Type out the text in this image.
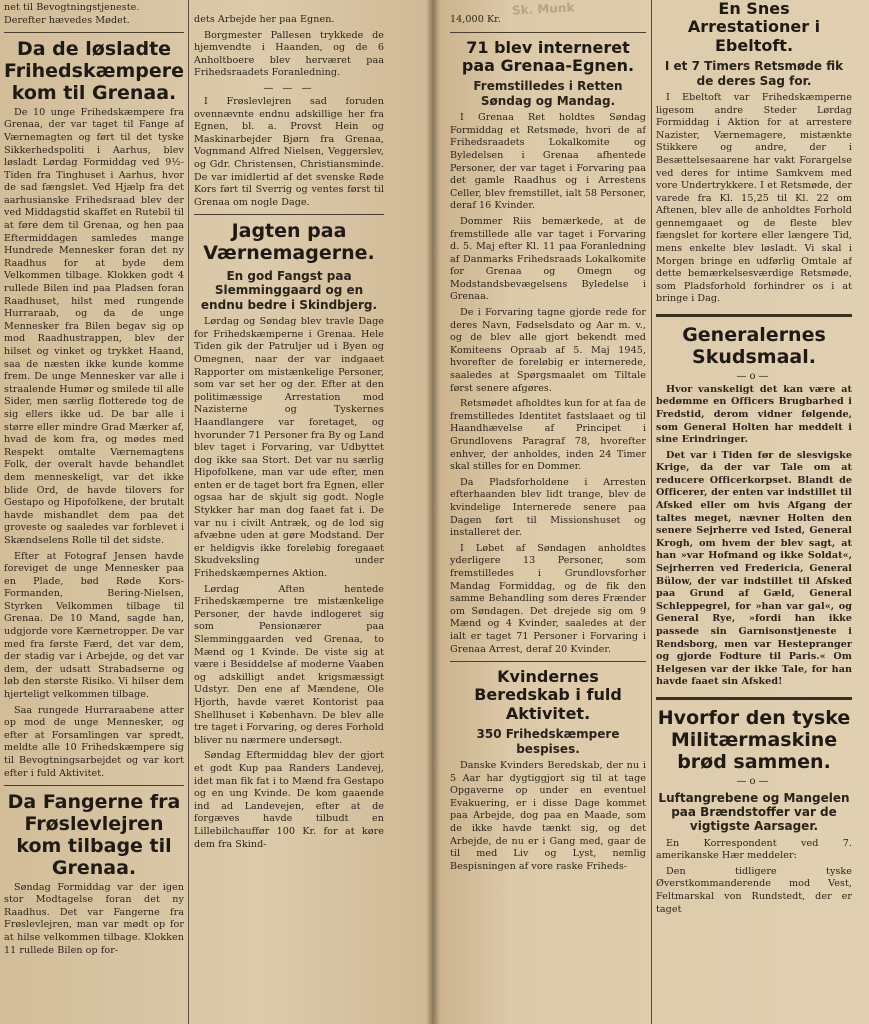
net til Bevogtningstjeneste.

Derefter hævedes Mødet.

Da de løsladte Frihedskæmpere kom til Grenaa.

De 10 unge Frihedskæmpere fra Grenaa, der var taget til Fange af Værnemagten og ført til det tyske Sikkerhedspoliti i Aarhus, blev løsladt Lørdag Formiddag ved 9½-Tiden fra Tinghuset i Aarhus, hvor de sad fængslet. Ved Hjælp fra det aarhusianske Frihedsraad blev der ved Middagstid skaffet en Rutebil til at føre dem til Grenaa, og hen paa Eftermiddagen samledes mange Hundrede Mennesker foran det ny Raadhus for at byde dem Velkommen tilbage. Klokken godt 4 rullede Bilen ind paa Pladsen foran Raadhuset, hilst med rungende Hurraraab, og da de unge Mennesker fra Bilen begav sig op mod Raadhustrappen, blev der hilset og vinket og trykket Haand, saa de næsten ikke kunde komme frem. De unge Mennesker var alle i straalende Humør og smilede til alle Sider, men særlig flotterede tog de sig ellers ikke ud. De bar alle i større eller mindre Grad Mærker af, hvad de kom fra, og mødes med Respekt omtalte Værnemagtens Folk, der overalt havde behandlet dem menneskeligt, var det ikke blide Ord, de havde tilovers for Gestapo og Hipofolkene, der brutalt havde mishandlet dem paa det groveste og saaledes var forblevet i Skændselens Rolle til det sidste.

Efter at Fotograf Jensen havde foreviget de unge Mennesker paa en Plade, bød Røde Kors-Formanden, Bering-Nielsen, Styrken Velkommen tilbage til Grenaa. De 10 Mand, sagde han, udgjorde vore Kærnetropper. De var med fra første Færd, det var dem, der stadig var i Arbejde, og det var dem, der udsatt Strabadserne og løb den største Risiko. Vi hilser dem hjerteligt velkommen tilbage.

Saa rungede Hurraraabene atter op mod de unge Mennesker, og efter at Forsamlingen var spredt, meldte alle 10 Frihedskæmpere sig til Bevogtningsarbejdet og var kort efter i fuld Aktivitet.

Da Fangerne fra Frøslevlejren kom tilbage til Grenaa.

Søndag Formiddag var der igen stor Modtagelse foran det ny Raadhus. Det var Fangerne fra Frøslevlejren, man var mødt op for at hilse velkommen tilbage. Klokken 11 rullede Bilen op for-

dets Arbejde her paa Egnen.

Borgmester Pallesen trykkede de hjemvendte i Haanden, og de 6 Anholtboere blev herværet paa Frihedsraadets Foranledning.

— — —

I Frøslevlejren sad foruden ovennævnte endnu adskillige her fra Egnen, bl. a. Provst Hein og Maskinarbejder Bjørn fra Grenaa, Vognmand Alfred Nielsen, Veggerslev, og Gdr. Christensen, Christiansminde. De var imidlertid af det svenske Røde Kors ført til Sverrig og ventes først til Grenaa om nogle Dage.

Jagten paa Værnemagerne.
En god Fangst paa Slemminggaard og en endnu bedre i Skindbjerg.

Lørdag og Søndag blev travle Dage for Frihedskæmperne i Grenaa. Hele Tiden gik der Patruljer ud i Byen og Omegnen, naar der var indgaaet Rapporter om mistænkelige Personer, som var set her og der. Efter at den politimæssige Arrestation mod Nazisterne og Tyskernes Haandlangere var foretaget, og hvorunder 71 Personer fra By og Land blev taget i Forvaring, var Udbyttet dog ikke saa Stort. Det var nu særlig Hipofolkene, man var ude efter, men enten er de taget bort fra Egnen, eller ogsaa har de skjult sig godt. Nogle Stykker har man dog faaet fat i. De var nu i civilt Antræk, og de lod sig afvæbne uden at gøre Modstand. Der er heldigvis ikke foreløbig foregaaet Skudveksling under Frihedskæmpernes Aktion.

Lørdag Aften hentede Frihedskæmperne tre mistænkelige Personer, der havde indlogeret sig som Pensionærer paa Slemminggaarden ved Grenaa, to Mænd og 1 Kvinde. De viste sig at være i Besiddelse af moderne Vaaben og adskilligt andet krigsmæssigt Udstyr. Den ene af Mændene, Ole Hjorth, havde været Kontorist paa Shellhuset i København. De blev alle tre taget i Forvaring, og deres Forhold bliver nu nærmere undersøgt.

Søndag Eftermiddag blev der gjort et godt Kup paa Randers Landevej, idet man fik fat i to Mænd fra Gestapo og en ung Kvinde. De kom gaaende ind ad Landevejen, efter at de forgæves havde tilbudt en Lillebilchauffør 100 Kr. for at køre dem fra Skind-

Sk. Munk

14,000 Kr.

71 blev interneret paa Grenaa-Egnen.
Fremstilledes i Retten Søndag og Mandag.

I Grenaa Ret holdtes Søndag Formiddag et Retsmøde, hvori de af Frihedsraadets Lokalkomite og Byledelsen i Grenaa afhentede Personer, der var taget i Forvaring paa det gamle Raadhus og i Arrestens Celler, blev fremstillet, ialt 58 Personer, deraf 16 Kvinder.

Dommer Riis bemærkede, at de fremstillede alle var taget i Forvaring d. 5. Maj efter Kl. 11 paa Foranledning af Danmarks Frihedsraads Lokalkomite for Grenaa og Omegn og Modstandsbevægelsens Byledelse i Grenaa.

De i Forvaring tagne gjorde rede for deres Navn, Fødselsdato og Aar m. v., og de blev alle gjort bekendt med Komiteens Opraab af 5. Maj 1945, hvorefter de foreløbig er internerede, saaledes at Spørgsmaalet om Tiltale først senere afgøres.

Retsmødet afholdtes kun for at faa de fremstilledes Identitet fastslaaet og til Haandhævelse af Principet i Grundlovens Paragraf 78, hvorefter enhver, der anholdes, inden 24 Timer skal stilles for en Dommer.

Da Pladsforholdene i Arresten efterhaanden blev lidt trange, blev de kvindelige Internerede senere paa Dagen ført til Missionshuset og installeret der.

I Løbet af Søndagen anholdtes yderligere 13 Personer, som fremstilledes i Grundlovsforhør Mandag Formiddag, og de fik den samme Behandling som deres Frænder om Søndagen. Det drejede sig om 9 Mænd og 4 Kvinder, saaledes at der ialt er taget 71 Personer i Forvaring i Grenaa Arrest, deraf 20 Kvinder.

Kvindernes Beredskab i fuld Aktivitet.
350 Frihedskæmpere bespises.

Danske Kvinders Beredskab, der nu i 5 Aar har dygtiggjort sig til at tage Opgaverne op under en eventuel Evakuering, er i disse Dage kommet paa Arbejde, dog paa en Maade, som de ikke havde tænkt sig, og det Arbejde, de nu er i Gang med, gaar de til med Liv og Lyst, nemlig Bespisningen af vore raske Friheds-

En Snes Arrestationer i Ebeltoft.
I et 7 Timers Retsmøde fik de deres Sag for.

I Ebeltoft var Frihedskæmperne ligesom andre Steder Lørdag Formiddag i Aktion for at arrestere Nazister, Værnemagere, mistænkte Stikkere og andre, der i Besættelsesaarene har vakt Forargelse ved deres for intime Samkvem med vore Undertrykkere. I et Retsmøde, der varede fra Kl. 15,25 til Kl. 22 om Aftenen, blev alle de anholdtes Forhold gennemgaaet og de fleste blev fængslet for kortere eller længere Tid, mens enkelte blev løsladt. Vi skal i Morgen bringe en udførlig Omtale af dette bemærkelsesværdige Retsmøde, som Pladsforhold forhindrer os i at bringe i Dag.

Generalernes Skudsmaal.
—o—

Hvor vanskeligt det kan være at bedømme en Officers Brugbarhed i Fredstid, derom vidner følgende, som General Holten har meddelt i sine Erindringer.

Det var i Tiden før de slesvigske Krige, da der var Tale om at reducere Officerkorpset. Blandt de Officerer, der enten var indstillet til Afsked eller om hvis Afgang der taltes meget, nævner Holten den senere Sejrherre ved Isted, General Krogh, om hvem der blev sagt, at han »var Hofmand og ikke Soldat«, Sejrherren ved Fredericia, General Bülow, der var indstillet til Afsked paa Grund af Gæld, General Schleppegrel, for »han var gal«, og General Rye, »fordi han ikke passede sin Garnisonstjeneste i Rendsborg, men var Hestepranger og gjorde Fodture til Paris.« Om Helgesen var der ikke Tale, for han havde faaet sin Afsked!

Hvorfor den tyske Militærmaskine brød sammen.
—o—
Luftangrebene og Mangelen paa Brændstoffer var de vigtigste Aarsager.

En Korrespondent ved 7. amerikanske Hær meddeler:

Den tidligere tyske Øverstkommanderende mod Vest, Feltmarskal von Rundstedt, der er taget
